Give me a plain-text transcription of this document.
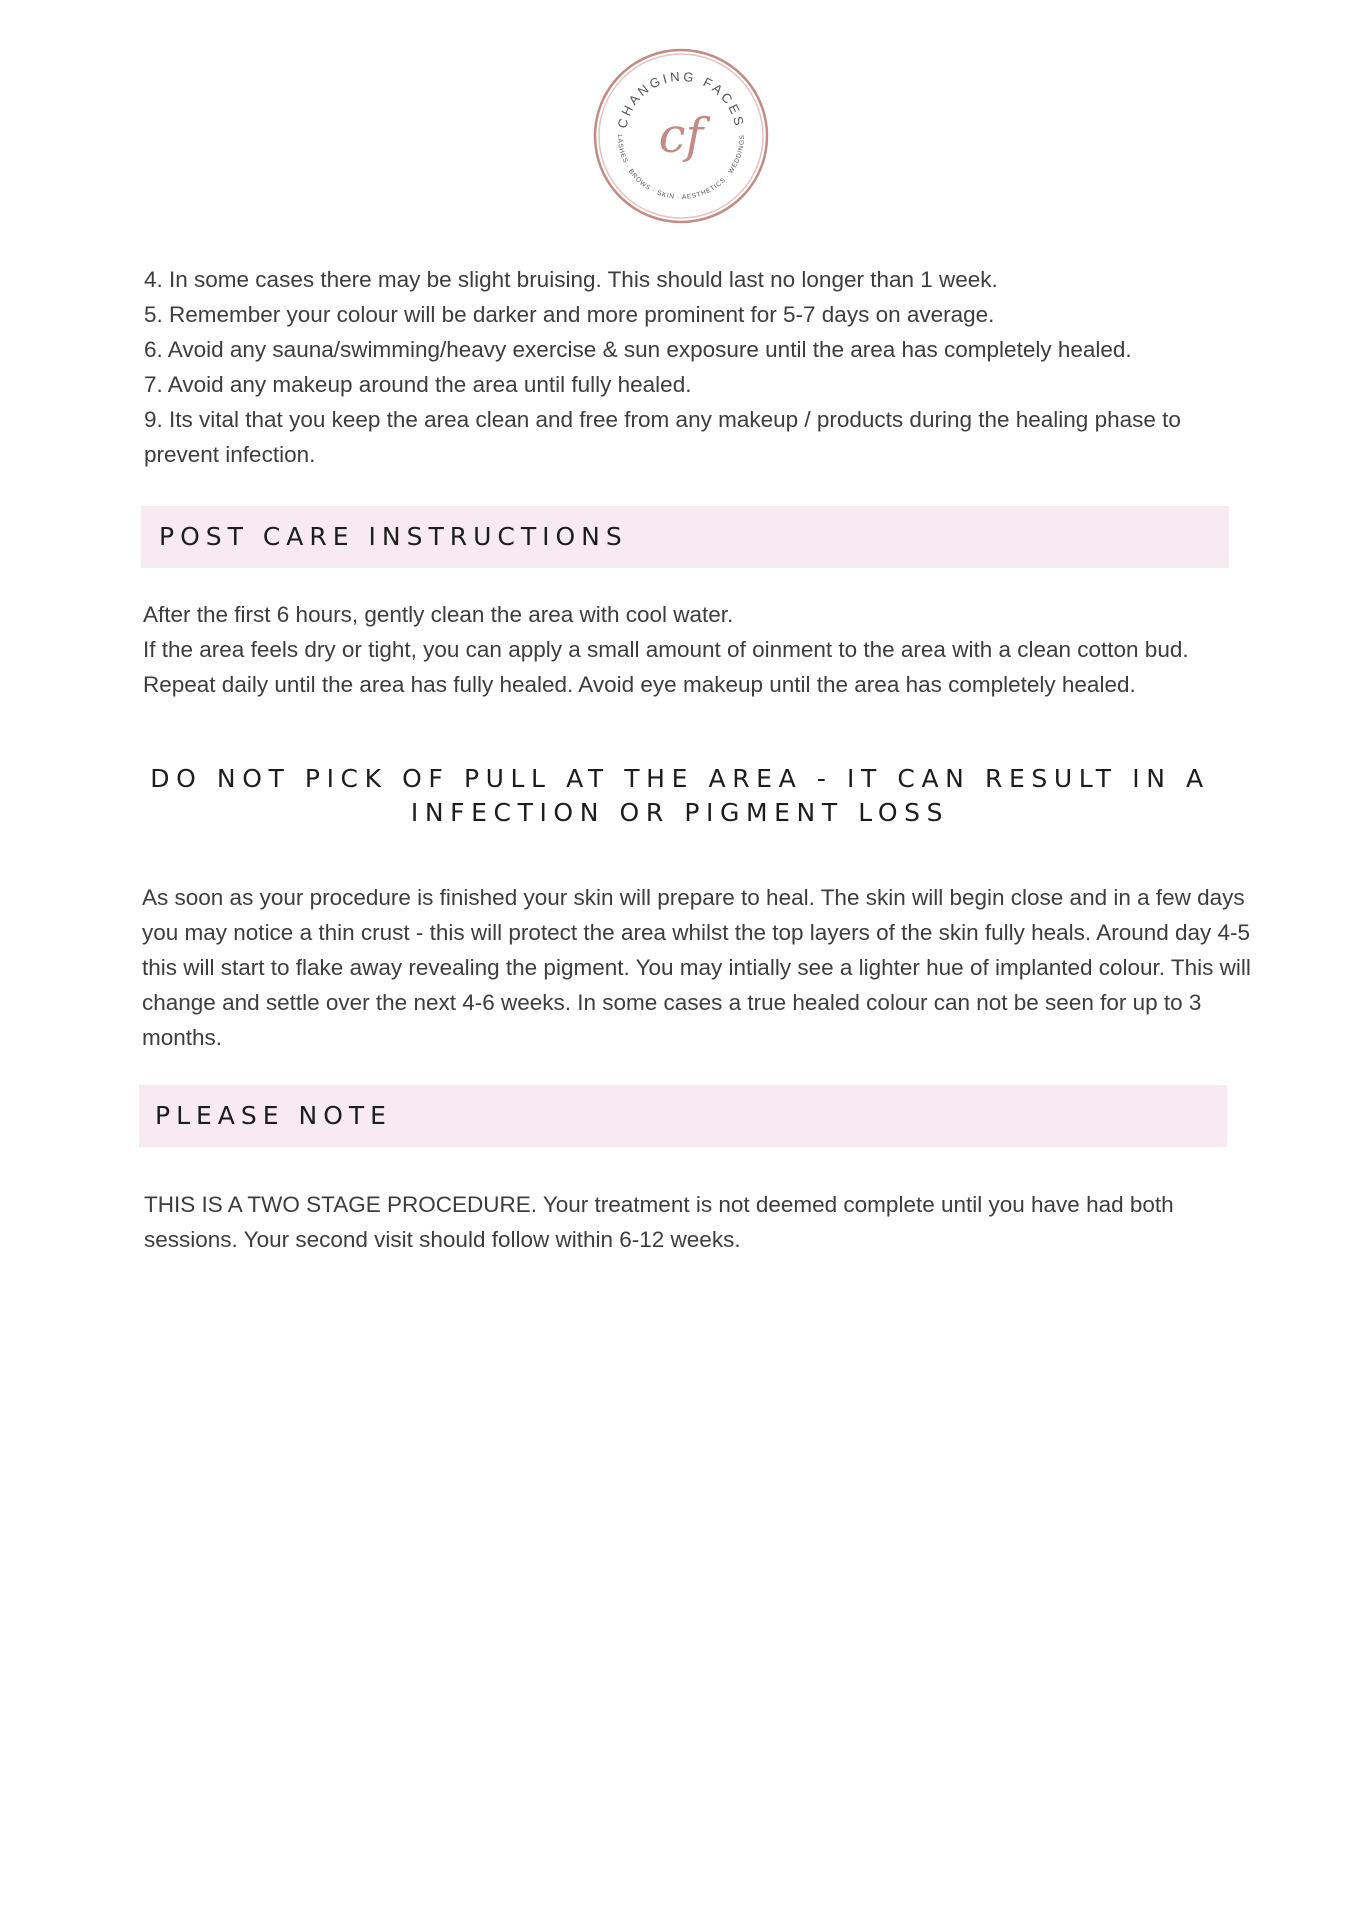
CHANGING FACES
LASHES · BROWS · SKIN · AESTHETICS · WEDDINGS
cf
4. In some cases there may be slight bruising. This should last no longer than 1 week.
5. Remember your colour will be darker and more prominent for 5-7 days on average.
6. Avoid any sauna/swimming/heavy exercise & sun exposure until the area has completely healed.
7. Avoid any makeup around the area until fully healed.
9. Its vital that you keep the area clean and free from any makeup / products during the healing phase to prevent infection.
POST CARE INSTRUCTIONS
After the first 6 hours, gently clean the area with cool water.
If the area feels dry or tight, you can apply a small amount of oinment to the area with a clean cotton bud.
Repeat daily until the area has fully healed. Avoid eye makeup until the area has completely healed.
DO NOT PICK OF PULL AT THE AREA - IT CAN RESULT IN A INFECTION OR PIGMENT LOSS
As soon as your procedure is finished your skin will prepare to heal. The skin will begin close and in a few days you may notice a thin crust - this will protect the area whilst the top layers of the skin fully heals. Around day 4-5 this will start to flake away revealing the pigment. You may intially see a lighter hue of implanted colour. This will change and settle over the next 4-6 weeks. In some cases a true healed colour can not be seen for up to 3 months.
PLEASE NOTE
THIS IS A TWO STAGE PROCEDURE. Your treatment is not deemed complete until you have had both sessions. Your second visit should follow within 6-12 weeks.
